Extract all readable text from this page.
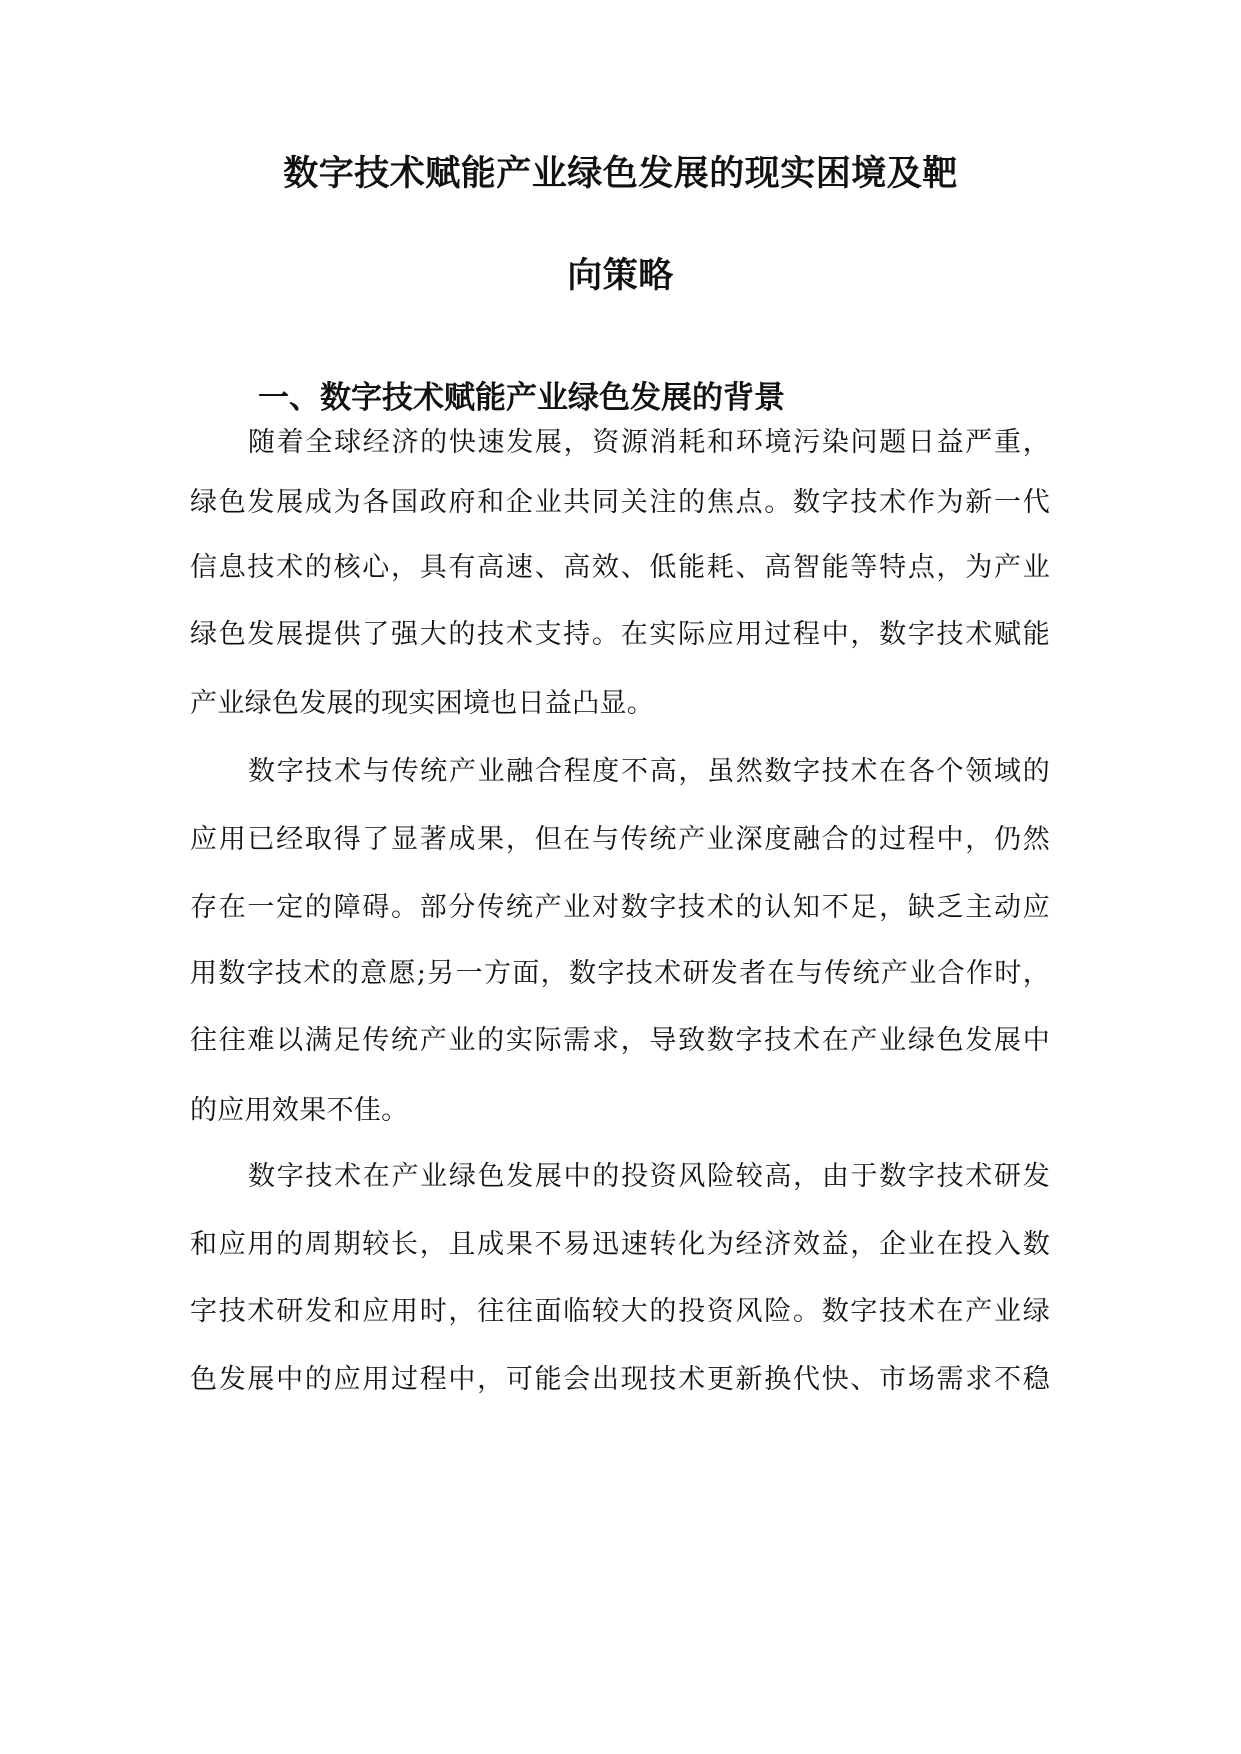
数字技术赋能产业绿色发展的现实困境及靶
向策略
一、数字技术赋能产业绿色发展的背景
随着全球经济的快速发展，资源消耗和环境污染问题日益严重，
绿色发展成为各国政府和企业共同关注的焦点。数字技术作为新一代
信息技术的核心，具有高速、高效、低能耗、高智能等特点，为产业
绿色发展提供了强大的技术支持。在实际应用过程中，数字技术赋能
产业绿色发展的现实困境也日益凸显。
数字技术与传统产业融合程度不高，虽然数字技术在各个领域的
应用已经取得了显著成果，但在与传统产业深度融合的过程中，仍然
存在一定的障碍。部分传统产业对数字技术的认知不足，缺乏主动应
用数字技术的意愿;另一方面，数字技术研发者在与传统产业合作时，
往往难以满足传统产业的实际需求，导致数字技术在产业绿色发展中
的应用效果不佳。
数字技术在产业绿色发展中的投资风险较高，由于数字技术研发
和应用的周期较长，且成果不易迅速转化为经济效益，企业在投入数
字技术研发和应用时，往往面临较大的投资风险。数字技术在产业绿
色发展中的应用过程中，可能会出现技术更新换代快、市场需求不稳
